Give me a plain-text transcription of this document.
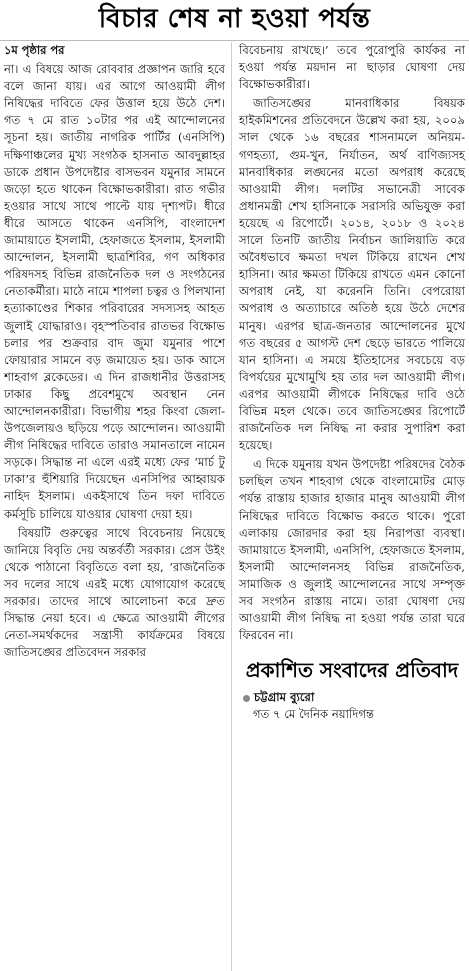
বিচার শেষ না হওয়া পর্যন্ত
১ম পৃষ্ঠার পর

না। এ বিষয়ে আজ রোববার প্রজ্ঞাপন জারি হবে বলে জানা যায়। এর আগে আওয়ামী লীগ নিষিদ্ধের দাবিতে ফের উত্তাল হয়ে উঠে দেশ। গত ৭ মে রাত ১০টার পর এই আন্দোলনের সূচনা হয়। জাতীয় নাগরিক পার্টির (এনসিপি) দক্ষিণাঞ্চলের মুখ্য সংগঠক হাসনাত আবদুল্লাহর ডাকে প্রধান উপদেষ্টার বাসভবন যমুনার সামনে জড়ো হতে থাকেন বিক্ষোভকারীরা। রাত গভীর হওয়ার সাথে সাথে পাল্টে যায় দৃশ্যপট। ধীরে ধীরে আসতে থাকেন এনসিপি, বাংলাদেশ জামায়াতে ইসলামী, হেফাজতে ইসলাম, ইসলামী আন্দোলন, ইসলামী ছাত্রশিবির, গণ অধিকার পরিষদসহ বিভিন্ন রাজনৈতিক দল ও সংগঠনের নেতাকর্মীরা। মাঠে নামে শাপলা চত্বর ও পিলখানা হত্যাকাণ্ডের শিকার পরিবারের সদস্যসহ আহত জুলাই যোদ্ধারাও। বৃহস্পতিবার রাতভর বিক্ষোভ চলার পর শুক্রবার বাদ জুমা যমুনার পাশে ফোয়ারার সামনে বড় জমায়েত হয়। ডাক আসে শাহবাগ ব্লকেডের। এ দিন রাজধানীর উত্তরাসহ ঢাকার কিছু প্রবেশমুখে অবস্থান নেন আন্দোলনকারীরা। বিভাগীয় শহর কিংবা জেলা-উপজেলায়ও ছড়িয়ে পড়ে আন্দোলন। আওয়ামী লীগ নিষিদ্ধের দাবিতে তারাও সমানতালে নামেন সড়কে। সিদ্ধান্ত না এলে এরই মধ্যে ফের ‘মার্চ টু ঢাকা’র হুঁশিয়ারি দিয়েছেন এনসিপির আহ্বায়ক নাহিদ ইসলাম। একইসাথে তিন দফা দাবিতে কর্মসূচি চালিয়ে যাওয়ার ঘোষণা দেয়া হয়।

বিষয়টি গুরুত্বের সাথে বিবেচনায় নিয়েছে জানিয়ে বিবৃতি দেয় অন্তর্বর্তী সরকার। প্রেস উইং থেকে পাঠানো বিবৃতিতে বলা হয়, ‘রাজনৈতিক সব দলের সাথে এরই মধ্যে যোগাযোগ করেছে সরকার। তাদের সাথে আলোচনা করে দ্রুত সিদ্ধান্ত নেয়া হবে। এ ক্ষেত্রে আওয়ামী লীগের নেতা-সমর্থকদের সন্ত্রাসী কার্যক্রমের বিষয়ে জাতিসঙ্ঘের প্রতিবেদন সরকার

বিবেচনায় রাখছে।’ তবে পুরোপুরি কার্যকর না হওয়া পর্যন্ত ময়দান না ছাড়ার ঘোষণা দেয় বিক্ষোভকারীরা।

জাতিসঙ্ঘের মানবাধিকার বিষয়ক হাইকমিশনের প্রতিবেদনে উল্লেখ করা হয়, ২০০৯ সাল থেকে ১৬ বছরের শাসনামলে অনিয়ম-গণহত্যা, গুম-খুন, নির্যাতন, অর্থ বাণিজ্যসহ মানবাধিকার লঙ্ঘনের মতো অপরাধ করেছে আওয়ামী লীগ। দলটির সভানেত্রী সাবেক প্রধানমন্ত্রী শেখ হাসিনাকে সরাসরি অভিযুক্ত করা হয়েছে এ রিপোর্টে। ২০১৪, ২০১৮ ও ২০২৪ সালে তিনটি জাতীয় নির্বাচন জালিয়াতি করে অবৈধভাবে ক্ষমতা দখল টিকিয়ে রাখেন শেখ হাসিনা। আর ক্ষমতা টিকিয়ে রাখতে এমন কোনো অপরাধ নেই, যা করেননি তিনি। বেপরোয়া অপরাধ ও অত্যাচারে অতিষ্ঠ হয়ে উঠে দেশের মানুষ। এরপর ছাত্র-জনতার আন্দোলনের মুখে গত বছরের ৫ আগস্ট দেশ ছেড়ে ভারতে পালিয়ে যান হাসিনা। এ সময়ে ইতিহাসের সবচেয়ে বড় বিপর্যয়ের মুখোমুখি হয় তার দল আওয়ামী লীগ। এরপর আওয়ামী লীগকে নিষিদ্ধের দাবি ওঠে বিভিন্ন মহল থেকে। তবে জাতিসঙ্ঘের রিপোর্টে রাজনৈতিক দল নিষিদ্ধ না করার সুপারিশ করা হয়েছে।

এ দিকে যমুনায় যখন উপদেষ্টা পরিষদের বৈঠক চলছিল তখন শাহবাগ থেকে বাংলামোটর মোড় পর্যন্ত রাস্তায় হাজার হাজার মানুষ আওয়ামী লীগ নিষিদ্ধের দাবিতে বিক্ষোভ করতে থাকে। পুরো এলাকায় জোরদার করা হয় নিরাপত্তা ব্যবস্থা। জামায়াতে ইসলামী, এনসিপি, হেফাজতে ইসলাম, ইসলামী আন্দোলনসহ বিভিন্ন রাজনৈতিক, সামাজিক ও জুলাই আন্দোলনের সাথে সম্পৃক্ত সব সংগঠন রাস্তায় নামে। তারা ঘোষণা দেয় আওয়ামী লীগ নিষিদ্ধ না হওয়া পর্যন্ত তারা ঘরে ফিরবেন না।

প্রকাশিত সংবাদের প্রতিবাদ
চট্টগ্রাম ব্যুরো

গত ৭ মে দৈনিক নয়াদিগন্ত
